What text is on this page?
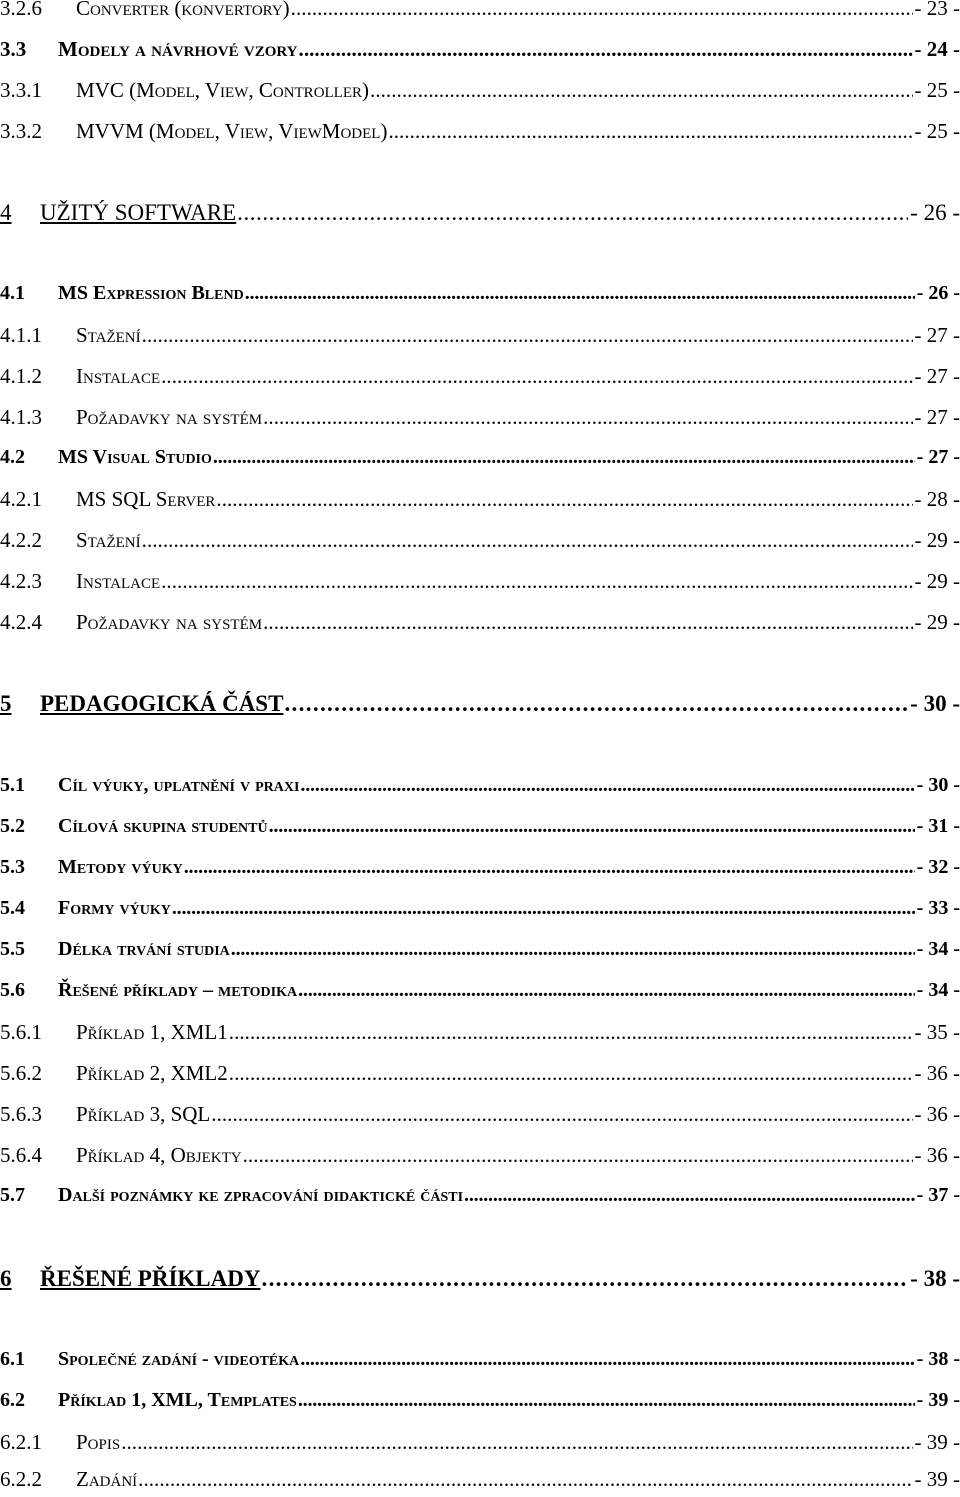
3.2.6	Converter (konvertory) . . .	- 23 -
3.3	Modely a návrhové vzory . . .	- 24 -
3.3.1	MVC (Model, View, Controller) . . .	- 25 -
3.3.2	MVVM (Model, View, ViewModel) . . .	- 25 -
4	UŽITÝ SOFTWARE . . .	- 26 -
4.1	MS Expression Blend . . .	- 26 -
4.1.1	Stažení . . .	- 27 -
4.1.2	Instalace . . .	- 27 -
4.1.3	Požadavky na systém . . .	- 27 -
4.2	MS Visual Studio . . .	- 27 -
4.2.1	MS SQL Server . . .	- 28 -
4.2.2	Stažení . . .	- 29 -
4.2.3	Instalace . . .	- 29 -
4.2.4	Požadavky na systém . . .	- 29 -
5	PEDAGOGICKÁ ČÁST . . .	- 30 -
5.1	Cíl výuky, uplatnění v praxi . . .	- 30 -
5.2	Cílová skupina studentů . . .	- 31 -
5.3	Metody výuky . . .	- 32 -
5.4	Formy výuky . . .	- 33 -
5.5	Délka trvání studia . . .	- 34 -
5.6	Řešené příklady – metodika . . .	- 34 -
5.6.1	Příklad 1, XML1 . . .	- 35 -
5.6.2	Příklad 2, XML2 . . .	- 36 -
5.6.3	Příklad 3, SQL . . .	- 36 -
5.6.4	Příklad 4, Objekty . . .	- 36 -
5.7	Další poznámky ke zpracování didaktické části . . .	- 37 -
6	ŘEŠENÉ PŘÍKLADY . . .	- 38 -
6.1	Společné zadání - videotéka . . .	- 38 -
6.2	Příklad 1, XML, Templates . . .	- 39 -
6.2.1	Popis . . .	- 39 -
6.2.2	Zadání . . .	- 39 -
